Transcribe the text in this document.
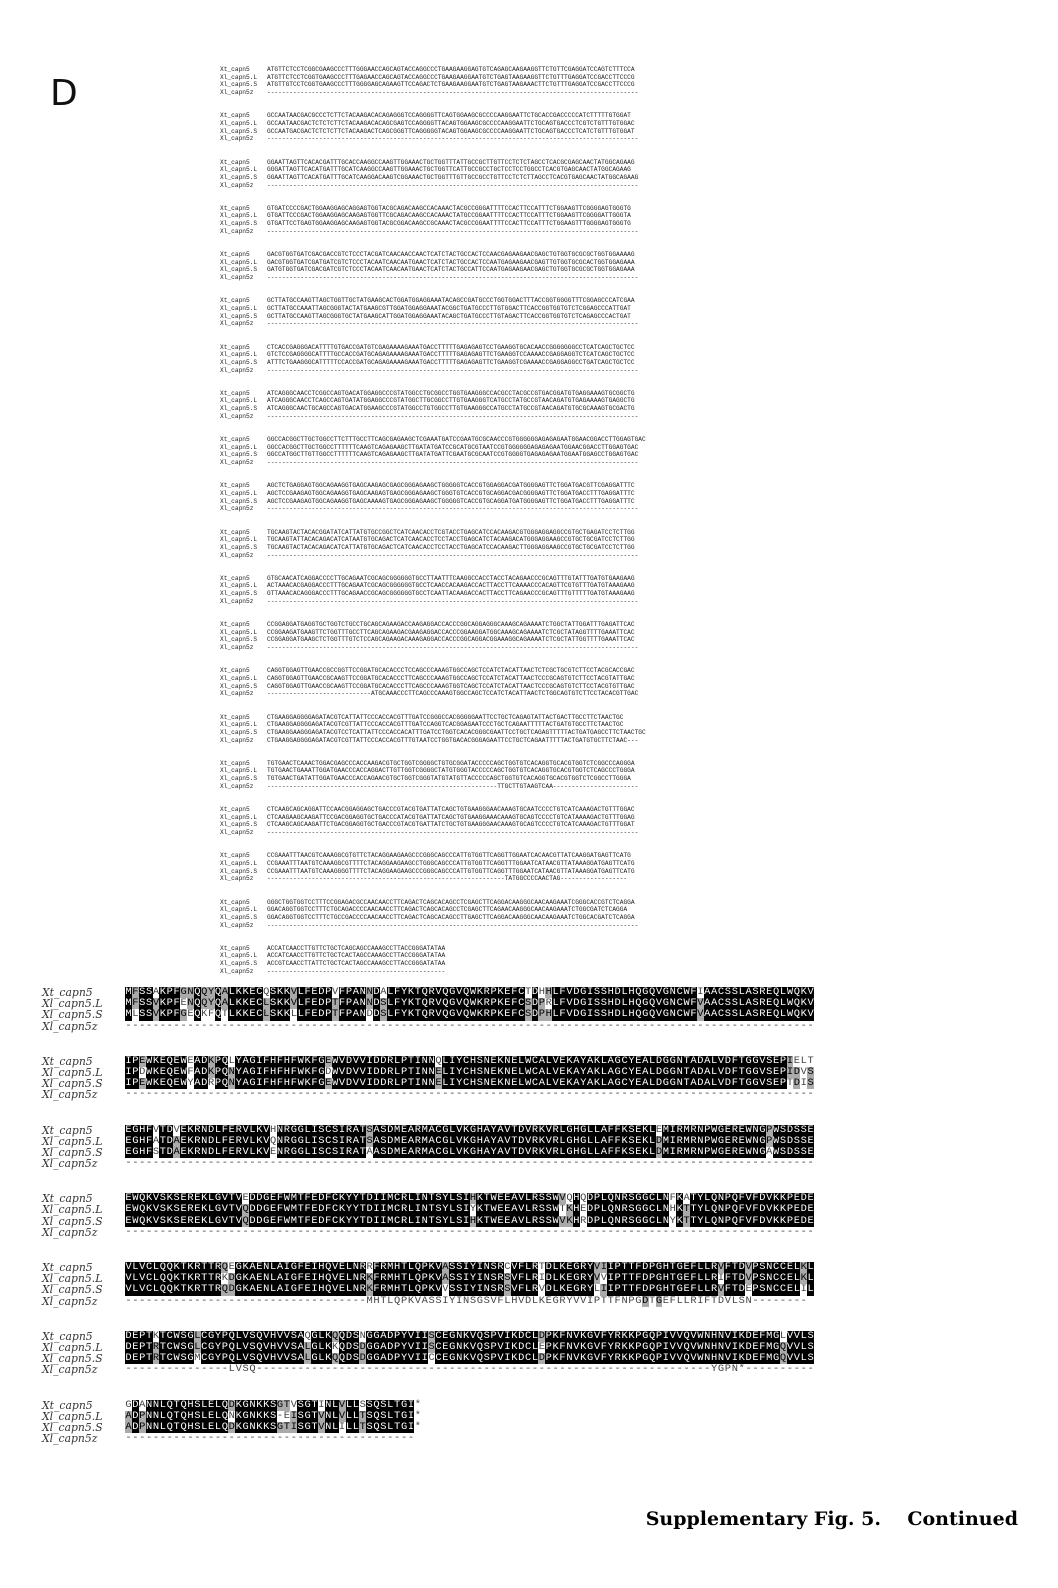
D
Xt_capn5	ATGTTCTCCTCGGCGAAGCCCTTTGGGAACCAGCAGTACCAGGCCCTGAAGAAGGAGTGTCAGAGCAAGAAGGTTCTGTTCGAGGATCCAGTCTTTCCA
Xl_capn5.L	ATGTTCTCCTCGGTGAAGCCCTTTGAGAACCAGCAGTACCAGGCCCTGAAGAAGGAATGTCTGAGTAAGAAGGTTCTGTTTGAGGATCCGACCTTCCCG
Xl_capn5.S	ATGTTGTCCTCGGTGAAGCCCTTTGGGGAGCAGAAGTTCCAGACTCTGAAGAAGGAATGTCTGAGTAAGAAACTTCTGTTTGAGGATCCGACCTTCCCG
Xl_capn5z	----------------------------------------------------------------------------------------------------
Xt_capn5	GCCAATAACGACGCCCTCTTCTACAAGACACAGAGGGTCCAGGGGTTCAGTGGAAGCGCCCCAAGGAATTCTGCACCGACCCCCATCTTTTTGTGGAT
Xl_capn5.L	GCCAATAACGACTCTCTCTTCTACAAGACACAGCGAGTCCAGGGGTTACAGTGGAAGCGCCCCAAGGAATTCTGCAGTGACCCTCGTCTGTTTGTGGAC
Xl_capn5.S	GCCAATGACGACTCTCTCTTCTACAAGACTCAGCGGGTTCAGGGGGTACAGTGGAAGCGCCCCAAGGAATTCTGCAGTGACCCTCATCTGTTTGTGGAT
Xl_capn5z	----------------------------------------------------------------------------------------------------
Xt_capn5	GGAATTAGTTCACACGATTTGCACCAAGGCCAAGTTGGAAACTGCTGGTTTATTGCCGCTTGTTCCTCTCTAGCCTCACGCGAGCAACTATGGCAGAAG
Xl_capn5.L	GGGATTAGTTCACATGATTTGCATCAAGGCCAAGTTGGAAACTGCTGGTTCATTGCCGCCTGCTCCTCCTGGCCTCACGTGAGCAACTATGGCAGAAG
Xl_capn5.S	GGAATTAGTTCACATGATTTGCATCAAGGACAAGTCGGAAACTGCTGGTTTGTTGCCGCCTGTTCCTCTCTTAGCCTCACGTGAGCAACTATGGCAGAAG
Xl_capn5z	----------------------------------------------------------------------------------------------------
Xt_capn5	GTGATCCCCGACTGGAAGGAGCAGGAGTGGTACGCAGACAAGCCACAAACTACGCCGGGATTTTCCACTTCCATTTCTGGAAGTTCGGGGAGTGGGTG
Xl_capn5.L	GTGATTCCCGACTGGAAGGAGCAAGAGTGGTTCGCAGACAAGCCACAAACTATGCCGGAATTTTCCACTTCCATTTCTGGAAGTTCGGGGATTGGGTA
Xl_capn5.S	GTGATTCCTGAGTGGAAGGAGCAAGAGTGGTACGCGGACAAGCCGCAAACTACGCCGGAATTTTCCACTTCCATTTCTGGAAGTTTGGGGAGTGGGTG
Xl_capn5z	----------------------------------------------------------------------------------------------------
Xt_capn5	GACGTGGTGATCGACGACCGTCTCCCTACGATCAACAACCAACTCATCTACTGCCACTCCAACGAGAAGAACGAGCTGTGGTGCGCGCTGGTGGAAAAG
Xl_capn5.L	GACGTGGTGATCGATGATCGTCTCCCTACAATCAACAATGAACTCATCTACTGCCACTCCAATGAGAAGAACGAGTTGTGGTGCGCACTGGTGGAGAAA
Xl_capn5.S	GATGTGGTGATCGACGATCGTCTCCCTACAATCAACAATGAACTCATCTACTGCCATTCCAATGAGAAGAACGAGCTGTGGTGCGCGCTGGTGGAGAAA
Xl_capn5z	----------------------------------------------------------------------------------------------------
Xt_capn5	GCTTATGCCAAGTTAGCTGGTTGCTATGAAGCACTGGATGGAGGAAATACAGCCGATGCCCTGGTGGACTTTACCGGTGGGGTTTCGGAGCCCATCGAA
Xl_capn5.L	GCTTATGCCAAATTAGCGGGTACTATGAAGCGTTGGATGGAGGAAATACGGCTGATGCCCTTGTGGACTTCACCGGTGGTGTCTCGGAGCCCATTGAT
Xl_capn5.S	GCTTATGCCAAGTTAGCGGGTGCTATGAAGCATTGGATGGAGGAAATACAGCTGATGCCCTTGTAGACTTCACCGGTGGTGTCTCAGAGCCCACTGAT
Xl_capn5z	----------------------------------------------------------------------------------------------------
Xt_capn5	CTCACCGAGGGACATTTTGTGACCGATGTCGAGAAAAGAAATGACCTTTTTGAGAGAGTCCTGAAGGTGCACAACCGGGGGGGCCTCATCAGCTGCTCC
Xl_capn5.L	GTCTCCGAGGGGCATTTTGCCACCGATGCAGAGAAAAGAAATGACCTTTTTGAGAGAGTTCTGAAGGTCCAAAACCGAGGAGGTCTCATCAGCTGCTCC
Xl_capn5.S	ATTTCTGAAGGGCATTTTTCCACCGATGCAGAGAAAAGAAATGACCTTTTTGAGAGAGTTCTGAAGGTCGAAAACCGAGGAGGCCTGATCAGCTGCTCC
Xl_capn5z	----------------------------------------------------------------------------------------------------
Xt_capn5	ATCAGGGCAACCTCGGCCAGTGACATGGAGGCCCGTATGGCCTGCGGCCTGGTGAAGGGCCACGCCTACGCCGTGACGGATGTGAGGAAAGTGCGGCTG
Xl_capn5.L	ATCAGGGCAACCTCAGCCAGTGATATGGAGGCCCGTATGGCTTGCGGCCTTGTGAAGGGTCATGCCTATGCCGTAACAGATGTGAGAAAAGTGAGGCTG
Xl_capn5.S	ATCAGGGCAACTGCAGCCAGTGACATGGAAGCCCGTATGGCCTGTGGCCTTGTGAAGGGCCATGCCTATGCCGTAACAGATGTGCGCAAAGTGCGACTG
Xl_capn5z	----------------------------------------------------------------------------------------------------
Xt_capn5	GGCCACGGCTTGCTGGCCTTCTTTGCCTTCAGCGAGAAGCTCGAAATGATCCGAATGCGCAACCCGTGGGGGGAGAGAGAATGGAACGGACCTTGGAGTGAC
Xl_capn5.L	GGCCACGGCTTGCTGGCCTTTTTTCAAGTCAGAGAAGCTTGATATGATCCGCATGCGTAATCCGTGGGGGGAGAGAGAATGGAACGGACCTTGGAGTGAC
Xl_capn5.S	GGCCATGGCTTGTTGGCCTTTTTTCAAGTCAGAGAAGCTTGATATGATTCGAATGCGCAATCCGTGGGGTGAGAGAGAATGGAATGGAGCCTGGAGTGAC
Xl_capn5z	----------------------------------------------------------------------------------------------------
Xt_capn5	AGCTCTGAGGAGTGGCAGAAGGTGAGCAAGAGCGAGCGGGAGAAGCTGGGGGTCACCGTGGAGGACGATGGGGAGTTCTGGATGACGTTCGAGGATTTC
Xl_capn5.L	AGCTCCGAAGAGTGGCAGAAGGTGAGCAAGAGTGAGCGGGAGAAGCTGGGTGTCACCGTGCAGGACGACGGGGAGTTCTGGATGACCTTTGAGGATTTC
Xl_capn5.S	AGCTCCGAAGAGTGGCAGAAGGTGAGCAAAAGTGAGCGGGAGAAGCTGGGGGTCACCGTGCAGGATGATGGGGAGTTCTGGATGACCTTTGAGGATTTC
Xl_capn5z	----------------------------------------------------------------------------------------------------
Xt_capn5	TGCAAGTACTACACGGATATCATTATGTGCCGGCTCATCAACACCTCGTACCTGAGCATCCACAAGACGTGGGAGGAGGCCGTGCTGAGATCCTCTTGG
Xl_capn5.L	TGCAAGTATTACACAGACATCATAATGTGCAGACTCATCAACACCTCCTACCTGAGCATCTACAAGACATGGGAGGAAGCCGTGCTGCGATCCTCTTGG
Xl_capn5.S	TGCAAGTACTACACAGACATCATTATGTGCAGACTCATCAACACCTCCTACCTGAGCATCCACAAGACTTGGGAGGAAGCCGTGCTGCGATCCTCTTGG
Xl_capn5z	----------------------------------------------------------------------------------------------------
Xt_capn5	GTGCAACATCAGGACCCCTTGCAGAATCGCAGCGGGGGGTGCCTTAATTTCAAGGCCACCTACCTACAGAACCCGCAGTTTGTATTTGATGTGAAGAAG
Xl_capn5.L	ACTAAACACGAGGACCCTTTGCAGAATCGCAGCGGGGGGTGCCTCAACCACAAGACCACTTACCTTCAAAACCCACAGTTCGTGTTTGATGTAAAGAAG
Xl_capn5.S	GTTAAACACAGGGACCCTTTGCAGAACCGCAGCGGGGGGTGCCTCAATTACAAGACCACTTACCTTCAGAACCCGCAGTTTGTTTTTGATGTAAAGAAG
Xl_capn5z	----------------------------------------------------------------------------------------------------
Xt_capn5	CCGGAGGATGAGGTGCTGGTCTGCCTGCAGCAGAAGACCAAGAGGACCACCCGGCAGGAGGGCAAAGCAGAAAATCTGGCTATTGGATTTGAGATTCAC
Xl_capn5.L	CCGGAAGATGAAGTTCTGGTTTGCCTTCAGCAGAAGACGAAGAGGACCACCCGGAAGGATGGCAAAGCAGAAAATCTCGCTATAGGTTTTGAAATTCAC
Xl_capn5.S	CCGGAGGATGAAGCTCTGGTTTGTCTCCAGCAGAAGACAAAGAGGACCACCCGGCAGGACGGAAAGGCAGAAAATCTCGCTATTGGTTTTGAAATTCAC
Xl_capn5z	----------------------------------------------------------------------------------------------------
Xt_capn5	CAGGTGGAGTTGAACCGCCGGTTCCGGATGCACACCCTCCAGCCCAAAGTGGCCAGCTCCATCTACATTAACTCTCGCTGCGTCTTCCTACGCACCGAC
Xl_capn5.L	CAGGTGGAGTTGAACCGCAAGTTCCGGATGCACACCCTTCAGCCCAAAGTGGCCAGCTCCATCTACATTAACTCCCGCAGTGTCTTCCTACGTATTGAC
Xl_capn5.S	CAGGTGGAGTTGAACCGCAAGTTCCGGATGCACACCCTTCAGCCCAAAGTGGTCAGCTCCATCTACATTAACTCCCGCAGTGTCTTCCTACGTGTTGAC
Xl_capn5z	----------------------------ATGCAAACCCTTCAGCCCAAAGTGGCCAGCTCCATCTACATTAACTCTGGCAGTGTCTTCCTACACGTTGAC
Xt_capn5	CTGAAGGAGGGGAGATACGTCATTATTCCCACCACGTTTGATCCGGGCCACGGGGGAATTCCTGCTCAGAGTATTACTGACTTGCCTTCTAACTGC
Xl_capn5.L	CTGAAGGAGGGGAGATACGTCGTTATTCCCACCACGTTTGATCCAGGTCACGGAGAATCCCTGCTCAGAATTTTTACTGATGTGCCTTCTAACTGC
Xl_capn5.S	CTGAAGGAAGGGAGATACGTCCTCATTATTCCCACCACATTTGATCCTGGTCACACGGGCGAATTCCTGCTCAGAGTTTTTACTGATGAGCCTTCTAACTGC
Xl_capn5z	CTGAAGGAGGGGAGATACGTCGTTATTCCCACCACGTTTGTAATCCTGGTGACACGGGAGAATTCCTGCTCAGAATTTTTACTGATGTGCTTCTAAC---
Xt_capn5	TGTGAACTCAAACTGGACGAGCCCACCAAGACGTGCTGGTCGGGGCTGTGCGGATACCCCCAGCTGGTGTCACAGGTGCACGTGGTCTCGGCCCAGGGA
Xl_capn5.L	TGTGAACTGAAATTGGATGAACCCACCAGGACTTGTTGGTCGGGGCTATGTGGGTACCCCCAGCTGGTGTCACAGGTGCACGTGGTCTCAGCCCTGGGA
Xl_capn5.S	TGTGAACTGATATTGGATGAACCCACCAGAACGTGCTGGTCGGGTATGTATGTTACCCCCAGCTGGTGTCACAGGTGCACGTGGTCTCGGCCTTGGGA
Xl_capn5z	--------------------------------------------------------------TTGCTTGTAAGTCAA-----------------------
Xt_capn5	CTCAAGCAGCAGGATTCCAACGGAGGAGCTGACCCGTACGTGATTATCAGCTGTGAAGGGAACAAAGTGCAATCCCCTGTCATCAAAGACTGTTTGGAC
Xl_capn5.L	CTCAAGAAGCAAGATTCCGACGGAGGTGCTGACCCATACGTGATTATCAGCTGTGAAGGAAACAAAGTGCAGTCCCCTGTCATAAAAGACTGTTTGGAG
Xl_capn5.S	CTCAAGCAGCAAGATTCTGACGGAGGTGCTGACCCGTACGTGATTATCTGCTGTGAAGGGAACAAAGTGCAGTCCCCTGTCATCAAAGACTGTTTGGAT
Xl_capn5z	----------------------------------------------------------------------------------------------------
Xt_capn5	CCGAAATTTAACGTCAAAGGCGTGTTCTACAGGAAGAAGCCCGGGCAGCCCATTGTGGTTCAGGTTGGAATCACAACGTTATCAAGGATGAGTTCATG
Xl_capn5.L	CCGAAATTTAATGTCAAAGGCGTTTTCTACAGGAAGAAGCCTGGGCAGCCCATTGTGGTTCAGGTTTGGAATCATAACGTTATAAAGGATGAGTTCATG
Xl_capn5.S	CCGAAATTTAATGTCAAAGGGGTTTTCTACAGGAAGAAGCCCGGGCAGCCCATTGTGGTTCAGGTTTGGAATCATAACGTTATAAAGGATGAGTTCATG
Xl_capn5z	----------------------------------------------------------------TATGGCCCCAACTAG------------------
Xt_capn5	GGGCTGGTGGTCCTTTCCGGAGACGCCAACAACCTTCAGACTCAGCACAGCCTCGAGCTTCAGGACAAGGGCAACAAGAAATCGGGCACCGTCTCAGGA
Xl_capn5.L	GGACAGGTGGTCCTTTCTGCAGACCCCAACAACCTTCAGACTCAGCACAGCCTCGAGCTTCAGAACAAGGGCAACAAGAAATCTGGCGATCTCAGGA
Xl_capn5.S	GGACAGGTGGTCCTTTCTGCCGACCCCAACAACCTTCAGACTCAGCACAGCCTTGAGCTTCAGGACAAGGGCAACAAGAAATCTGGCACGATCTCAGGA
Xl_capn5z	----------------------------------------------------------------------------------------------------
Xt_capn5	ACCATCAACCTTGTTCTGCTCAGCAGCCAAAGCCTTACCGGGATATAA
Xl_capn5.L	ACCATCAACCTTGTTCTGCTCACTAGCCAAAGCCTTACCGGGATATAA
Xl_capn5.S	ACCGTCAACCTTATTCTGCTCACTAGCCAAAGCCTTACCGGGATATAA
Xl_capn5z	------------------------------------------------
Xt_capn5	MFSSAKPFGNQQYQALKKECQSKKVLFEDPVFPANNDALFYKTQRVQGVQWKRPKEFCTDHHLFVDGISSHDLHQGQVGNCWFIAACSSLASREQLWQKV
Xl_capn5.L	MFSSVKPFENQQYQALKKECLSKKVLFEDPTFPANNDSLFYKTQRVQGVQWKRPKEFCSDPRLFVDGISSHDLHQGQVGNCWFVAACSSLASREQLWQKV
Xl_capn5.S	MLSSVKPFGEQKFQTLKKECLSKKLLFEDPTFPANDDSLFYKTQRVQGVQWKRPKEFCSDPHLFVDGISSHDLHQGQVGNCWFVAACSSLASREQLWQKV
Xl_capn5z	----------------------------------------------------------------------------------------------------
Xt_capn5	IPEWKEQEWEADKPQLYAGIFHFHFWKFGEWVDVVIDDRLPTINNQLIYCHSNEKNELWCALVEKAYAKLAGCYEALDGGNTADALVDFTGGVSEPIELT
Xl_capn5.L	IPDWKEQEWFADKPQNYAGIFHFHFWKFGDWVDVVIDDRLPTINNELIYCHSNEKNELWCALVEKAYAKLAGCYEALDGGNTADALVDFTGGVSEPIDVS
Xl_capn5.S	IPEWKEQEWYADRPQNYAGIFHFHFWKFGEWVDVVIDDRLPTINNELIYCHSNEKNELWCALVEKAYAKLAGCYEALDGGNTADALVDFTGGVSEPTDIS
Xl_capn5z	----------------------------------------------------------------------------------------------------
Xt_capn5	EGHFVTDVEKRNDLFERVLKVHNRGGLISCSIRATSASDMEARMACGLVKGHAYAVTDVRKVRLGHGLLAFFKSEKLEMIRMRNPWGEREWNGPWSDSSE
Xl_capn5.L	EGHFATDAEKRNDLFERVLKVQNRGGLISCSIRATSASDMEARMACGLVKGHAYAVTDVRKVRLGHGLLAFFKSEKLDMIRMRNPWGEREWNGPWSDSSE
Xl_capn5.S	EGHFSTDAEKRNDLFERVLKVENRGGLISCSIRATAASDMEARMACGLVKGHAYAVTDVRKVRLGHGLLAFFKSEKLDMIRMRNPWGEREWNGAWSDSSE
Xl_capn5z	----------------------------------------------------------------------------------------------------
Xt_capn5	EWQKVSKSEREKLGVTVEDDGEFWMTFEDFCKYYTDIIMCRLINTSYLSIHKTWEEAVLRSSWVQHQDPLQNRSGGCLNFKATYLQNPQFVFDVKKPEDE
Xl_capn5.L	EWQKVSKSEREKLGVTVQDDGEFWMTFEDFCKYYTDIIMCRLINTSYLSIYKTWEEAVLRSSWTKHEDPLQNRSGGCLNHKTTYLQNPQFVFDVKKPEDE
Xl_capn5.S	EWQKVSKSEREKLGVTVQDDGEFWMTFEDFCKYYTDIIMCRLINTSYLSIHKTWEEAVLRSSWVKHRDPLQNRSGGCLNYKTTYLQNPQFVFDVKKPEDE
Xl_capn5z	----------------------------------------------------------------------------------------------------
Xt_capn5	VLVCLQQKTKRTTRQEGKAENLAIGFEIHQVELNRRFRMHTLQPKVASSIYINSRCVFLRTDLKEGRYVIIPTTFDPGHTGEFLLRVFTDVPSNCCELKL
Xl_capn5.L	VLVCLQQKTKRTTRKDGKAENLAIGFEIHQVELNRKFRMHTLQPKVASSIYINSRSVFLRIDLKEGRYVVIPTTFDPGHTGEFLLRIFTDVPSNCCELKL
Xl_capn5.S	VLVCLQQKTKRTTRQDGKAENLAIGFEIHQVELNRKFRMHTLQPKVVSSIYINSRSVFLRVDLKEGRYLIIPTTFDPGHTGEFLLRVFTDEPSNCCELIL
Xl_capn5z	-----------------------------------MHTLQPKVASSIYINSGSVFLHVDLKEGRYVVIPTTFNPGDTGEFLLRIFTDVLSN--------
Xt_capn5	DEPTKTCWSGLCGYPQLVSQVHVVSAQGLKQQDSNGGADPYVIISCEGNKVQSPVIKDCLDPKFNVKGVFYRKKPGQPIVVQVWNHNVIKDEFMGLVVLS
Xl_capn5.L	DEPTRTCWSGLCGYPQLVSQVHVVSALGLKKQDSDGGADPYVIISCEGNKVQSPVIKDCLEPKFNVKGVFYRKKPGQPIVVQVWNHNVIKDEFMGQVVLS
Xl_capn5.S	DEPTRTCWSGMCGYPQLVSQVHVVSALGLKQQDSDGGADPYVIICCEGNKVQSPVIKDCLDPKFNVKGVFYRKKPGQPIVVQVWNHNVIKDEFMGQVVLS
Xl_capn5z	---------------LVSQ------------------------------------------------------------------YGPN*----------
Xt_capn5	GDANNLQTQHSLELQDKGNKKSGTVSGTINLVLLSSQSLTGI*
Xl_capn5.L	ADPNNLQTQHSLELQNKGNKKS-EISGTVNLVLLTSQSLTGI*
Xl_capn5.S	ADPNNLQTQHSLELQDKGNKKSGTISGTVNLILLTSQSLTGI*
Xl_capn5z	------------------------------------------
Supplementary Fig. 5.    Continued
